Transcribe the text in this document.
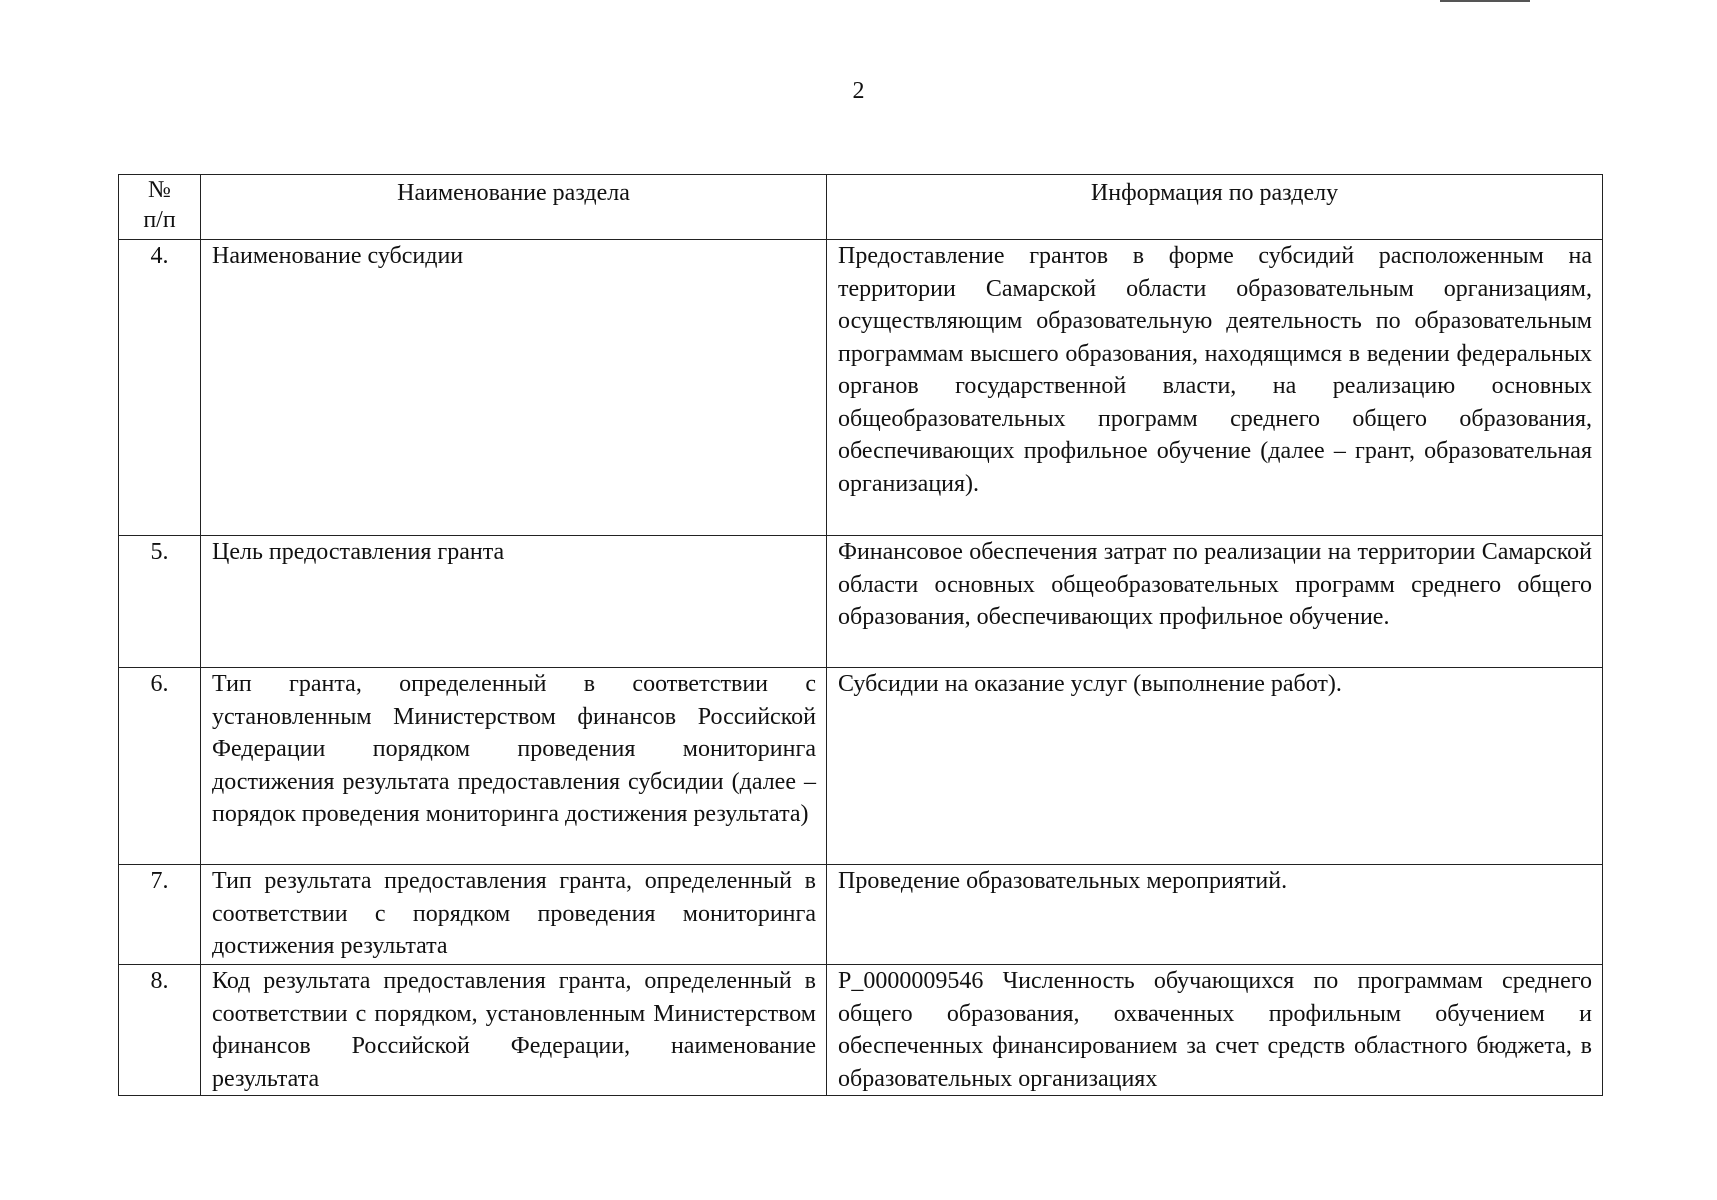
2
№
п/п	Наименование раздела	Информация по разделу

4.	Наименование субсидии	Предоставление грантов в форме субсидий расположенным на территории Самарской области образовательным организациям, осуществляющим образовательную деятельность по образовательным программам высшего образования, находящимся в ведении федеральных органов государственной власти, на реализацию основных общеобразовательных программ среднего общего образования, обеспечивающих профильное обучение (далее – грант, образовательная организация).

5.	Цель предоставления гранта	Финансовое обеспечения затрат по реализации на территории Самарской области основных общеобразовательных программ среднего общего образования, обеспечивающих профильное обучение.

6.	Тип гранта, определенный в соответствии с установленным Министерством финансов Российской Федерации порядком проведения мониторинга достижения результата предоставления субсидии (далее – порядок проведения мониторинга достижения результата)	Субсидии на оказание услуг (выполнение работ).

7.	Тип результата предоставления гранта, определенный в соответствии с порядком проведения мониторинга достижения результата	Проведение образовательных мероприятий.

8.	Код результата предоставления гранта, определенный в соответствии с порядком, установленным Министерством финансов Российской Федерации, наименование результата	P_0000009546 Численность обучающихся по программам среднего общего образования, охваченных профильным обучением и обеспеченных финансированием за счет средств областного бюджета, в образовательных организациях
